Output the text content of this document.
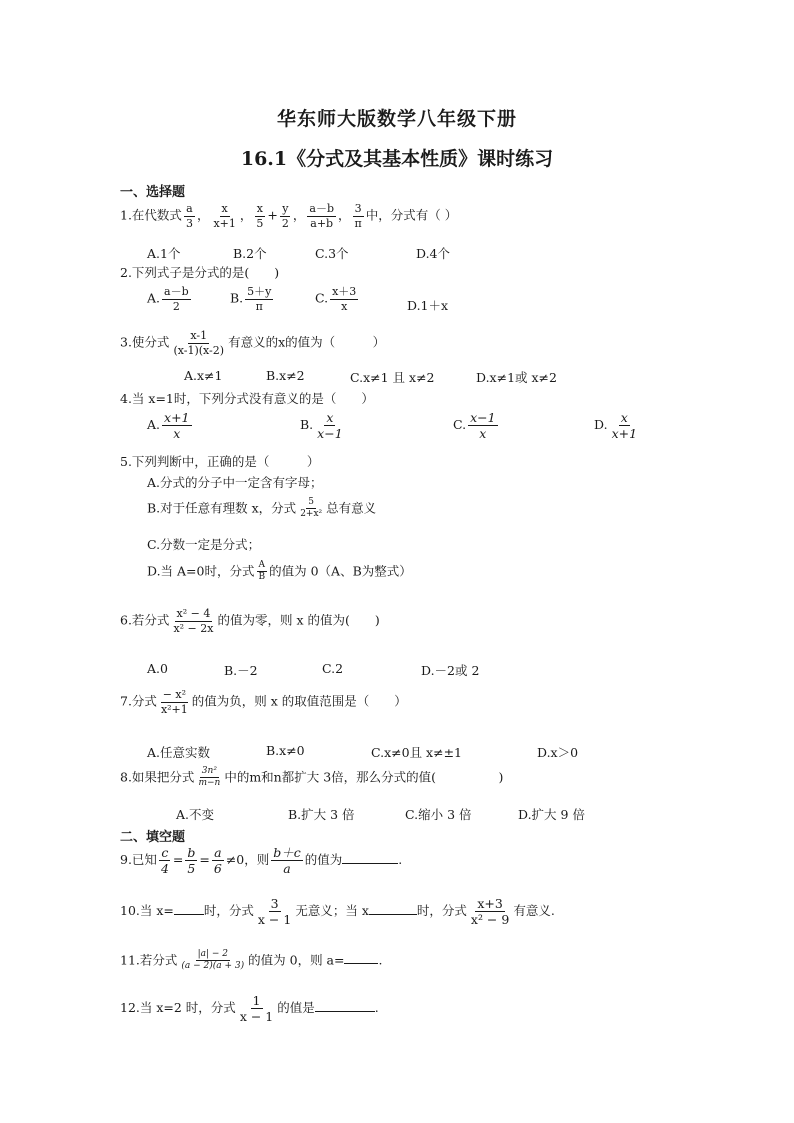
华东师大版数学八年级下册
16.1《分式及其基本性质》课时练习
一、选择题
1.在代数式 $\frac{a}{3}$ ， $\frac{x}{x+1}$ ， $\frac{x}{5} + \frac{y}{2}$ ， $\frac{a-b}{a+b}$ ， $\frac{3}{\pi}$ 中，分式有（ ）
A.1个	B.2个	C.3个	D.4个
2.下列式子是分式的是(　　)
A. $\frac{a-b}{2}$	B. $\frac{5+y}{\pi}$	C. $\frac{x+3}{x}$	D.1＋x
3.使分式 $\frac{x-1}{(x-1)(x-2)}$ 有意义的x的值为（　　　）
A.x≠1	B.x≠2	C.x≠1 且 x≠2	D.x≠1或 x≠2
4.当 x=1时，下列分式没有意义的是（　　）
A. $\frac{x+1}{x}$	B. $\frac{x}{x-1}$	C. $\frac{x-1}{x}$	D. $\frac{x}{x+1}$
5.下列判断中，正确的是（　　　）
A.分式的分子中一定含有字母；
B.对于任意有理数 x，分式 $\frac{5}{\text{2+x²}}$ 总有意义
C.分数一定是分式；
D.当 A=0时，分式 $\frac{A}{B}$ 的值为 0（A、B为整式）
6.若分式 $\frac{\text{x² − 4}}{\text{x² − 2x}}$ 的值为零，则 x 的值为(　　)
A.0	B.－2	C.2	D.－2或 2
7.分式 $\frac{\text{− x²}}{\text{x²+1}}$ 的值为负，则 x 的取值范围是（　　）
A.任意实数	B.x≠0	C.x≠0且 x≠±1	D.x＞0
8.如果把分式 $\frac{\text{3n²}}{m-n}$ 中的m和n都扩大 3倍，那么分式的值(　　　　　)
A.不变	B.扩大 3 倍	C.缩小 3 倍	D.扩大 9 倍
二、填空题
9.已知 $\frac{c}{4} = \frac{b}{5} = \frac{a}{6} \ne 0$，则 $\frac{b+c}{a}$ 的值为	.
10.当 x= 时，分式 $\frac{3}{x - 1}$ 无意义；当 x	时，分式 $\frac{x+3}{\text{x² − 9}}$ 有意义.
11.若分式 $\frac{|a| - 2}{(a - 2)(a + 3)}$ 的值为 0，则 a=	.
12.当 x=2 时，分式 $\frac{1}{x - 1}$ 的值是	.
